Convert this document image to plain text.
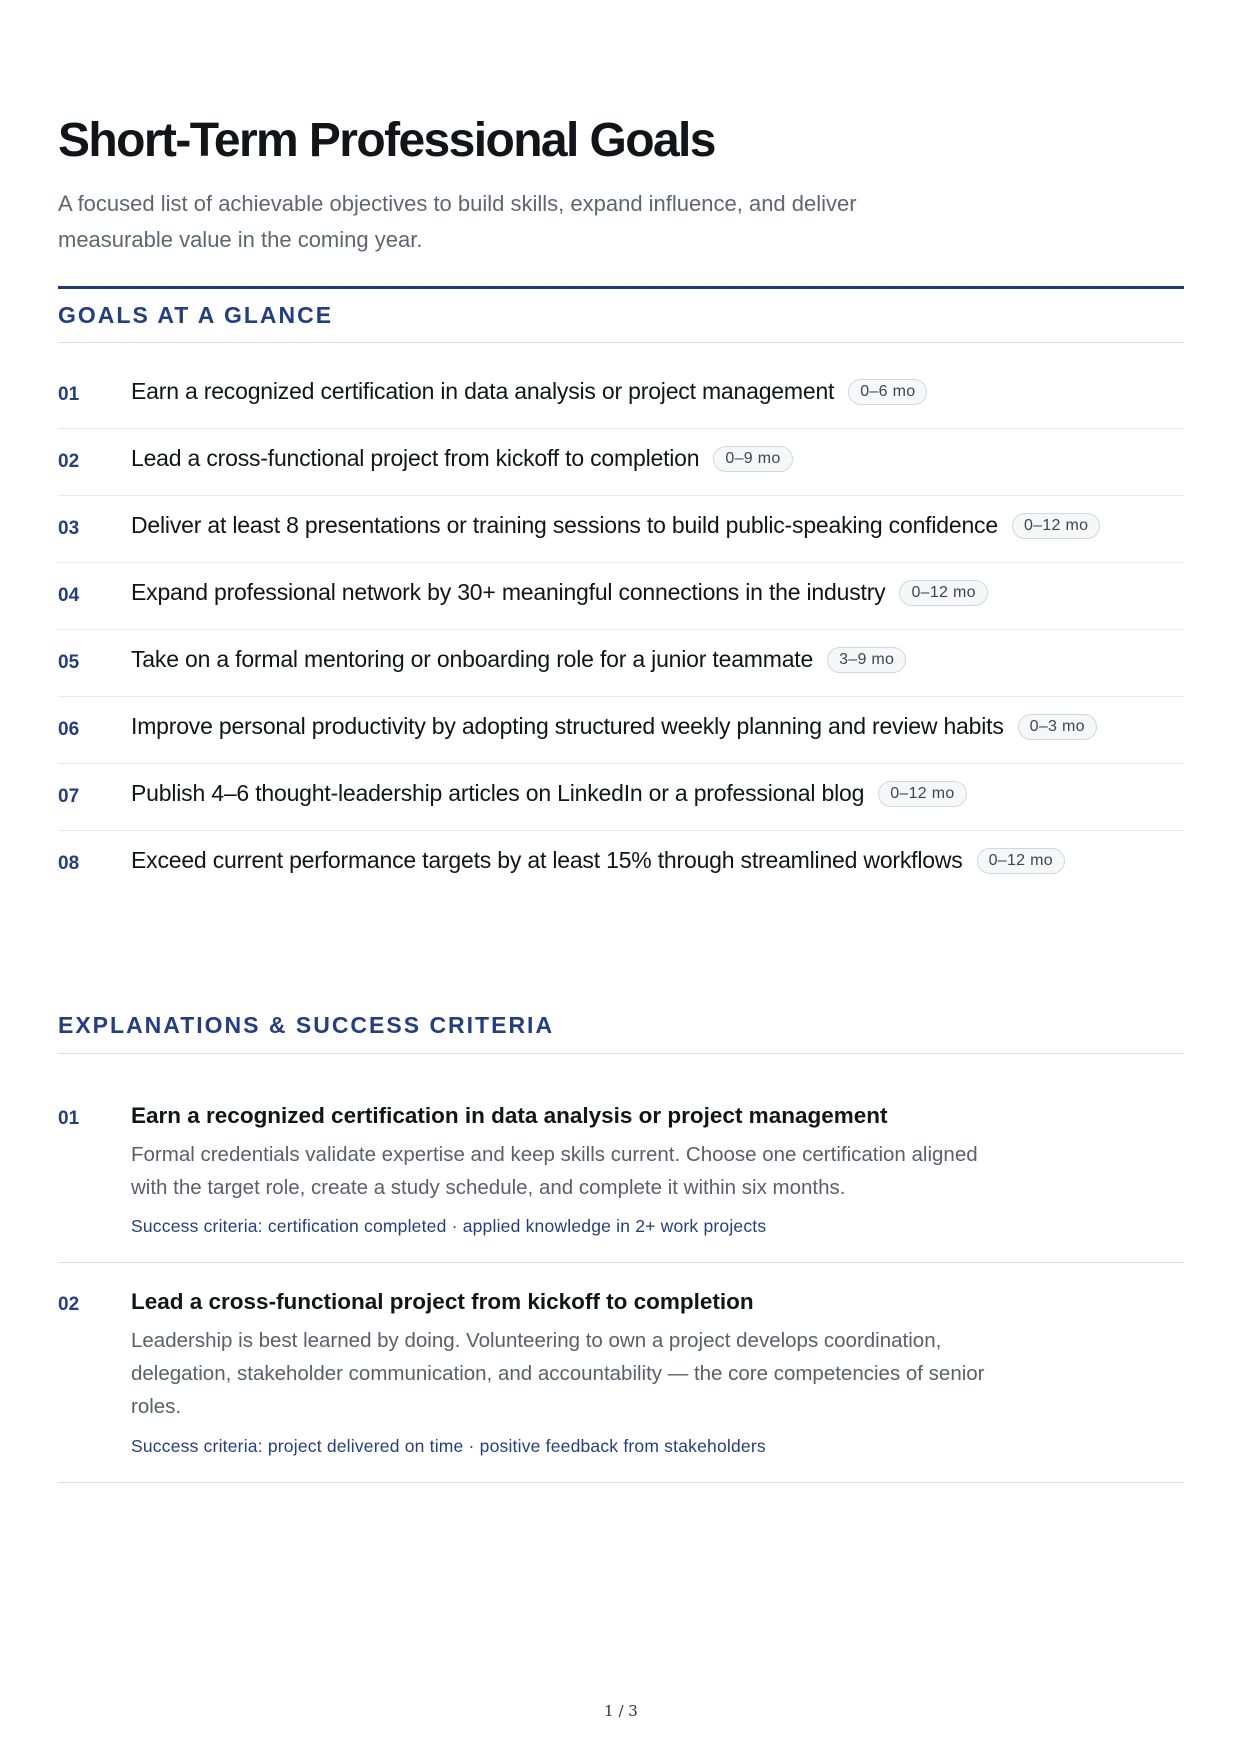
Short-Term Professional Goals

A focused list of achievable objectives to build skills, expand influence, and deliver measurable value in the coming year.

GOALS AT A GLANCE
01 Earn a recognized certification in data analysis or project management	0–6 mo
02 Lead a cross-functional project from kickoff to completion	0–9 mo
03 Deliver at least 8 presentations or training sessions to build public-speaking confidence	0–12 mo
04 Expand professional network by 30+ meaningful connections in the industry	0–12 mo
05 Take on a formal mentoring or onboarding role for a junior teammate	3–9 mo
06 Improve personal productivity by adopting structured weekly planning and review habits	0–3 mo
07 Publish 4–6 thought-leadership articles on LinkedIn or a professional blog	0–12 mo
08 Exceed current performance targets by at least 15% through streamlined workflows	0–12 mo
EXPLANATIONS & SUCCESS CRITERIA
01 Earn a recognized certification in data analysis or project management

Formal credentials validate expertise and keep skills current. Choose one certification aligned with the target role, create a study schedule, and complete it within six months.

Success criteria: certification completed · applied knowledge in 2+ work projects

02 Lead a cross-functional project from kickoff to completion

Leadership is best learned by doing. Volunteering to own a project develops coordination, delegation, stakeholder communication, and accountability — the core competencies of senior roles.

Success criteria: project delivered on time · positive feedback from stakeholders

1 / 3
